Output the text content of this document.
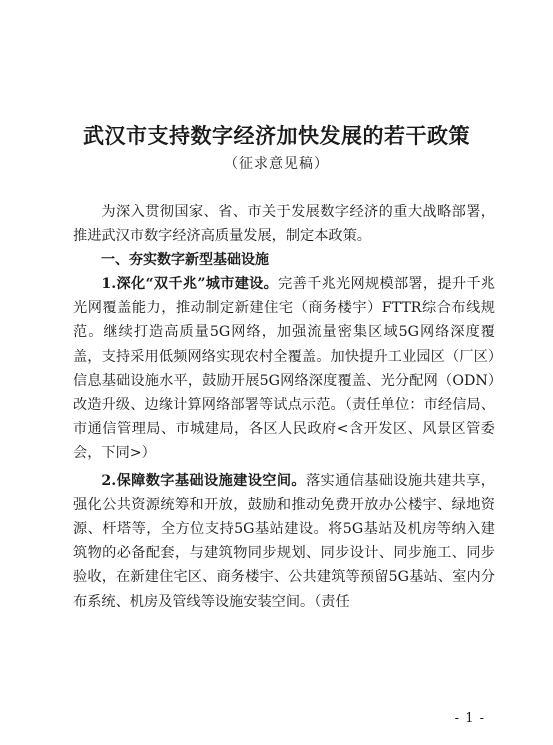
武汉市支持数字经济加快发展的若干政策
（征求意见稿）

为深入贯彻国家、省、市关于发展数字经济的重大战略部署，推进武汉市数字经济高质量发展，制定本政策。

一、夯实数字新型基础设施

1.深化“双千兆”城市建设。完善千兆光网规模部署，提升千兆光网覆盖能力，推动制定新建住宅（商务楼宇）FTTR综合布线规范。继续打造高质量5G网络，加强流量密集区域5G网络深度覆盖，支持采用低频网络实现农村全覆盖。加快提升工业园区（厂区）信息基础设施水平，鼓励开展5G网络深度覆盖、光分配网（ODN）改造升级、边缘计算网络部署等试点示范。（责任单位：市经信局、市通信管理局、市城建局，各区人民政府<含开发区、风景区管委会，下同>）

2.保障数字基础设施建设空间。落实通信基础设施共建共享，强化公共资源统筹和开放，鼓励和推动免费开放办公楼宇、绿地资源、杆塔等，全方位支持5G基站建设。将5G基站及机房等纳入建筑物的必备配套，与建筑物同步规划、同步设计、同步施工、同步验收，在新建住宅区、商务楼宇、公共建筑等预留5G基站、室内分布系统、机房及管线等设施安装空间。（责任

- 1 -
